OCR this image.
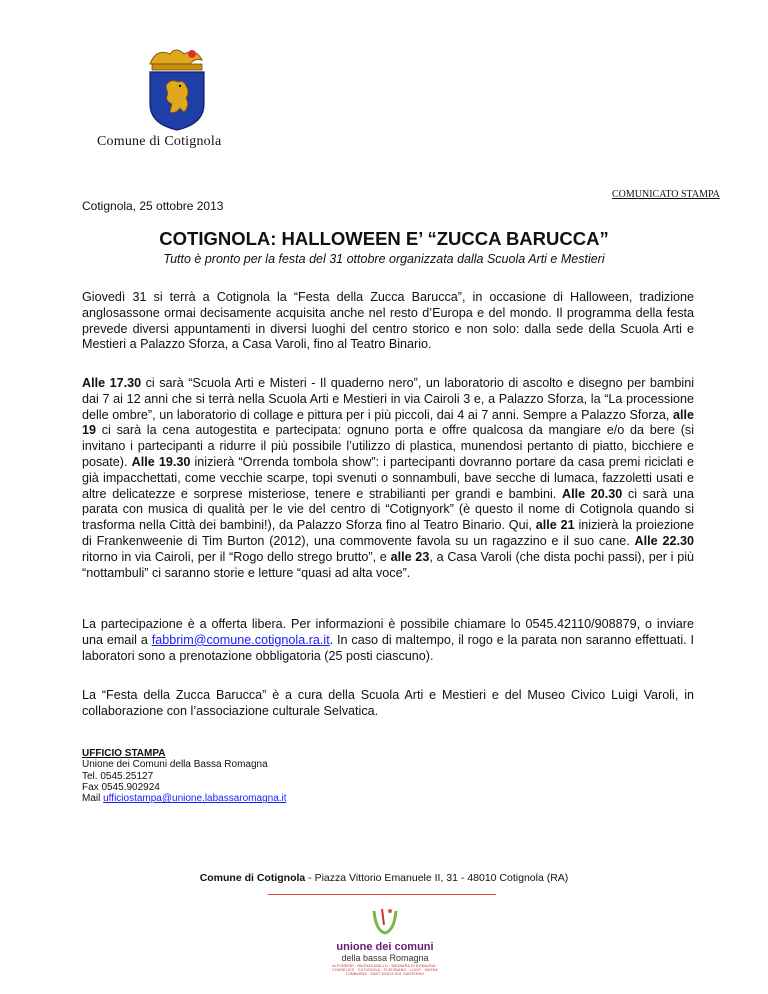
Comune di Cotignola
COMUNICATO STAMPA
Cotignola, 25 ottobre 2013
COTIGNOLA: HALLOWEEN E’ “ZUCCA BARUCCA”
Tutto è pronto per la festa del 31 ottobre organizzata dalla Scuola Arti e Mestieri
Giovedì 31 si terrà a Cotignola la “Festa della Zucca Barucca”, in occasione di Halloween, tradizione anglosassone ormai decisamente acquisita anche nel resto d’Europa e del mondo. Il programma della festa prevede diversi appuntamenti in diversi luoghi del centro storico e non solo: dalla sede della Scuola Arti e Mestieri a Palazzo Sforza, a Casa Varoli, fino al Teatro Binario.
Alle 17.30 ci sarà “Scuola Arti e Misteri - Il quaderno nero”, un laboratorio di ascolto e disegno per bambini dai 7 ai 12 anni che si terrà nella Scuola Arti e Mestieri in via Cairoli 3 e, a Palazzo Sforza, la “La processione delle ombre”, un laboratorio di collage e pittura per i più piccoli, dai 4 ai 7 anni. Sempre a Palazzo Sforza, alle 19 ci sarà la cena autogestita e partecipata: ognuno porta e offre qualcosa da mangiare e/o da bere (si invitano i partecipanti a ridurre il più possibile l’utilizzo di plastica, munendosi pertanto di piatto, bicchiere e posate). Alle 19.30 inizierà “Orrenda tombola show”: i partecipanti dovranno portare da casa premi riciclati e già impacchettati, come vecchie scarpe, topi svenuti o sonnambuli, bave secche di lumaca, fazzoletti usati e altre delicatezze e sorprese misteriose, tenere e strabilianti per grandi e bambini. Alle 20.30 ci sarà una parata con musica di qualità per le vie del centro di “Cotignyork” (è questo il nome di Cotignola quando si trasforma nella Città dei bambini!), da Palazzo Sforza fino al Teatro Binario. Qui, alle 21 inizierà la proiezione di Frankenweenie di Tim Burton (2012), una commovente favola su un ragazzino e il suo cane. Alle 22.30 ritorno in via Cairoli, per il “Rogo dello strego brutto”, e alle 23, a Casa Varoli (che dista pochi passi), per i più “nottambuli” ci saranno storie e letture “quasi ad alta voce”.
La partecipazione è a offerta libera. Per informazioni è possibile chiamare lo 0545.42110/908879, o inviare una email a fabbrim@comune.cotignola.ra.it. In caso di maltempo, il rogo e la parata non saranno effettuati. I laboratori sono a prenotazione obbligatoria (25 posti ciascuno).
La “Festa della Zucca Barucca” è a cura della Scuola Arti e Mestieri e del Museo Civico Luigi Varoli, in collaborazione con l’associazione culturale Selvatica.
UFFICIO STAMPA
Unione dei Comuni della Bassa Romagna
Tel. 0545.25127
Fax 0545.902924
Mail ufficiostampa@unione.labassaromagna.it
Comune di Cotignola - Piazza Vittorio Emanuele II, 31 - 48010 Cotignola (RA)
unione dei comuni
della bassa Romagna
ALFONSINE · BAGNACAVALLO · BAGNARA DI ROMAGNA · CONSELICE · COTIGNOLA · FUSIGNANO · LUGO · MASSA LOMBARDA · SANT'AGATA SUL SANTERNO
